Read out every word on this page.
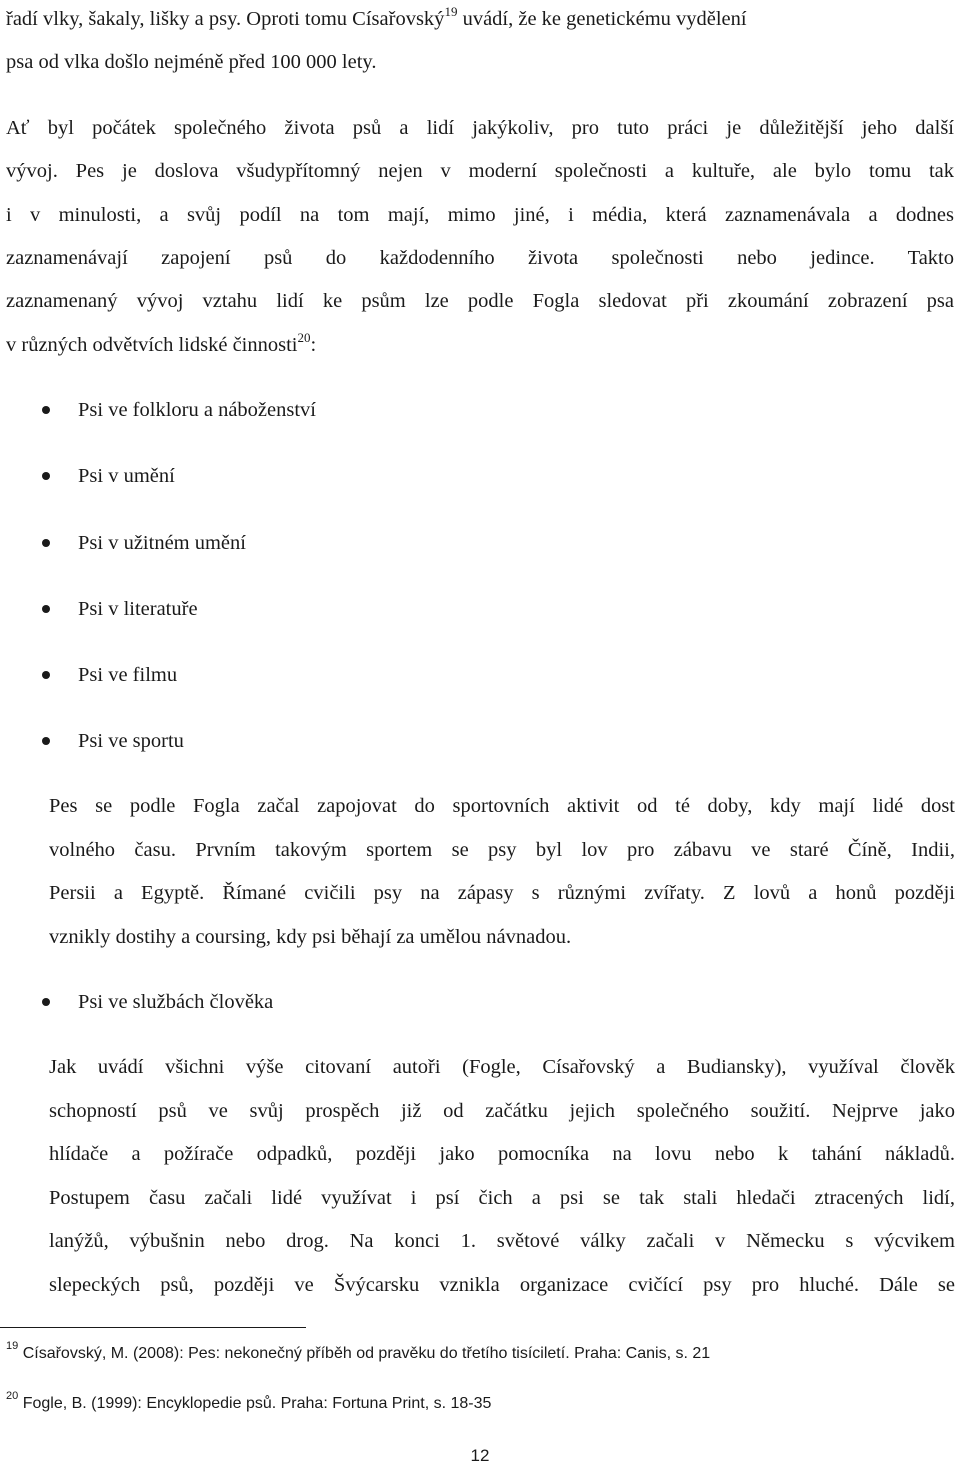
řadí vlky, šakaly, lišky a psy. Oproti tomu Císařovský$^{19}$ uvádí, že ke genetickému vydělení
psa od vlka došlo nejméně před 100 000 lety.
Ať byl počátek společného života psů a lidí jakýkoliv, pro tuto práci je důležitější jeho další
vývoj. Pes je doslova všudypřítomný nejen v moderní společnosti a kultuře, ale bylo tomu tak
i v minulosti, a svůj podíl na tom mají, mimo jiné, i média, která zaznamenávala a dodnes
zaznamenávají zapojení psů do každodenního života společnosti nebo jedince. Takto
zaznamenaný vývoj vztahu lidí ke psům lze podle Fogla sledovat při zkoumání zobrazení psa
v různých odvětvích lidské činnosti$^{20}$:
Psi ve folkloru a náboženství
Psi v umění
Psi v užitném umění
Psi v literatuře
Psi ve filmu
Psi ve sportu
Pes se podle Fogla začal zapojovat do sportovních aktivit od té doby, kdy mají lidé dost
volného času. Prvním takovým sportem se psy byl lov pro zábavu ve staré Číně, Indii,
Persii a Egyptě. Římané cvičili psy na zápasy s různými zvířaty. Z lovů a honů později
vznikly dostihy a coursing, kdy psi běhají za umělou návnadou.
Psi ve službách člověka
Jak uvádí všichni výše citovaní autoři (Fogle, Císařovský a Budiansky), využíval člověk
schopností psů ve svůj prospěch již od začátku jejich společného soužití. Nejprve jako
hlídače a požírače odpadků, později jako pomocníka na lovu nebo k tahání nákladů.
Postupem času začali lidé využívat i psí čich a psi se tak stali hledači ztracených lidí,
lanýžů, výbušnin nebo drog. Na konci 1. světové války začali v Německu s výcvikem
slepeckých psů, později ve Švýcarsku vznikla organizace cvičící psy pro hluché. Dále se
$^{19}$ Císařovský, M. (2008): Pes: nekonečný příběh od pravěku do třetího tisíciletí. Praha: Canis, s. 21
$^{20}$ Fogle, B. (1999): Encyklopedie psů. Praha: Fortuna Print, s. 18-35
12
